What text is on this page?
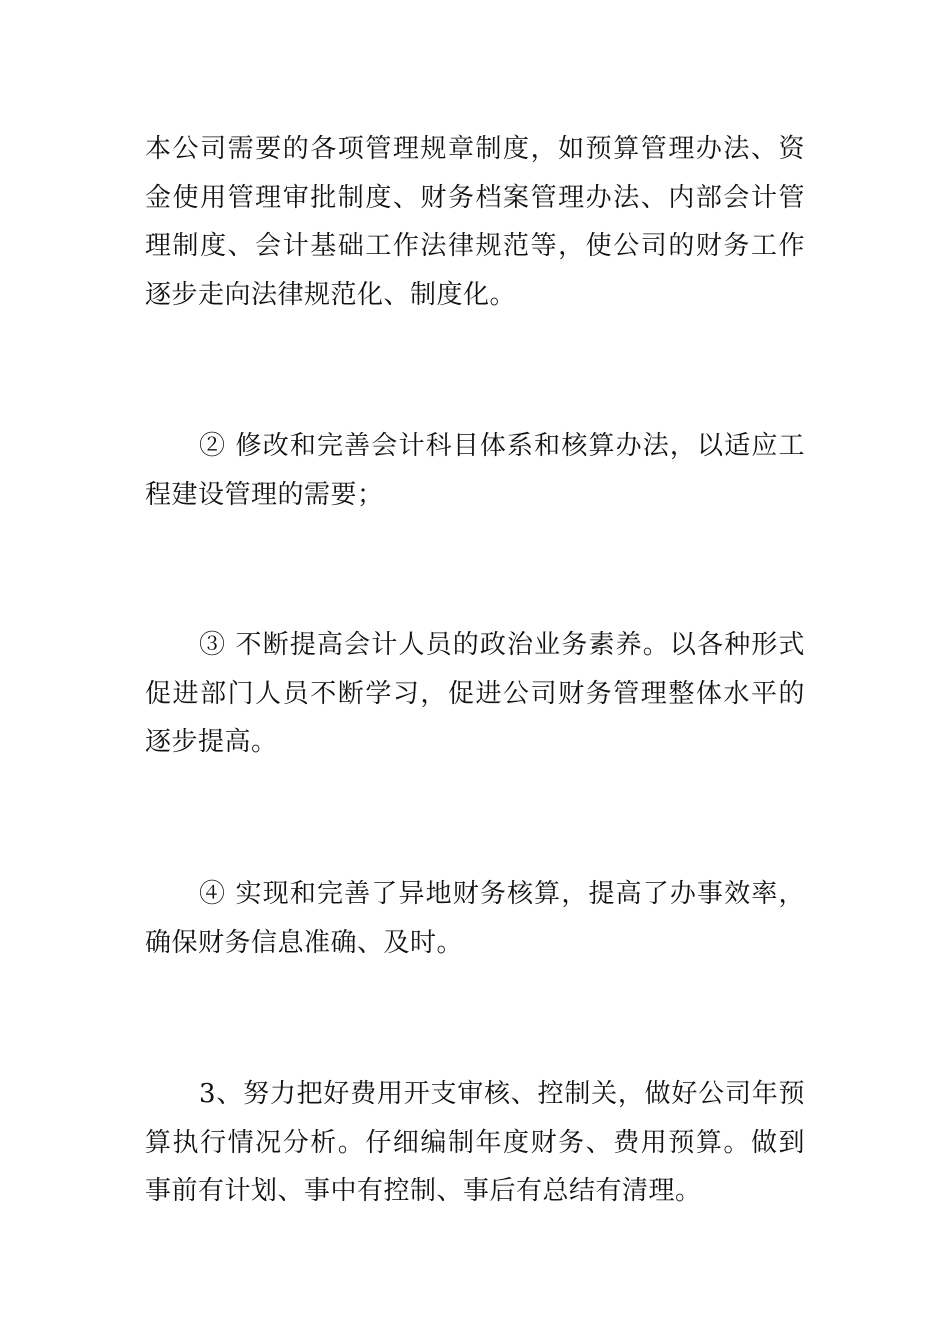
本公司需要的各项管理规章制度，如预算管理办法、资金使用管理审批制度、财务档案管理办法、内部会计管理制度、会计基础工作法律规范等，使公司的财务工作逐步走向法律规范化、制度化。

② 修改和完善会计科目体系和核算办法，以适应工程建设管理的需要；

③ 不断提高会计人员的政治业务素养。以各种形式促进部门人员不断学习，促进公司财务管理整体水平的逐步提高。

④ 实现和完善了异地财务核算，提高了办事效率，确保财务信息准确、及时。

3、努力把好费用开支审核、控制关，做好公司年预算执行情况分析。仔细编制年度财务、费用预算。做到事前有计划、事中有控制、事后有总结有清理。
